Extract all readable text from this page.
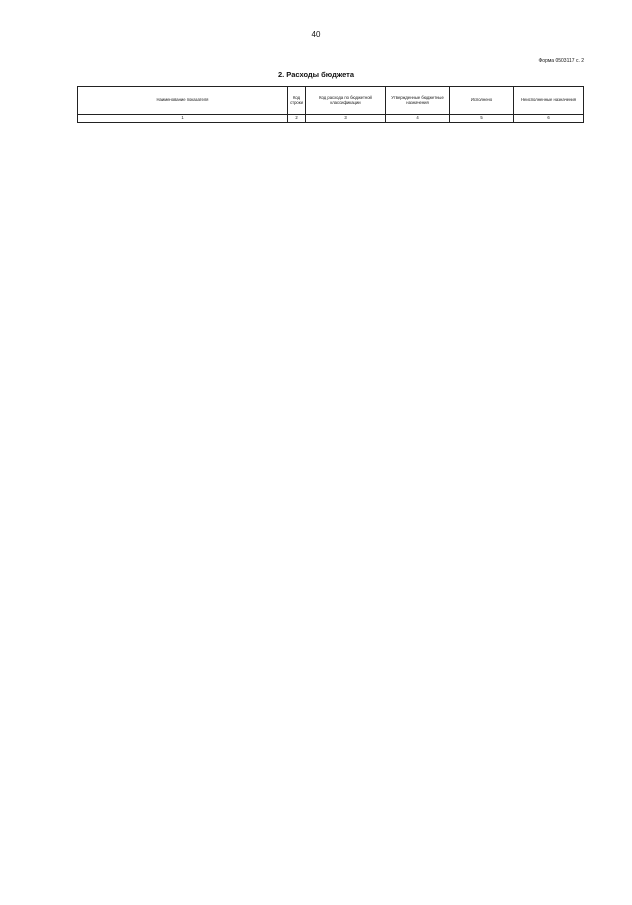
40
Форма 0503117 с. 2
2. Расходы бюджета
Наименование показателя	Код строки	Код расхода по бюджетной классификации	Утвержденные бюджетные назначения	Исполнено	Неисполненные назначения
1	2	3	4	5	6
